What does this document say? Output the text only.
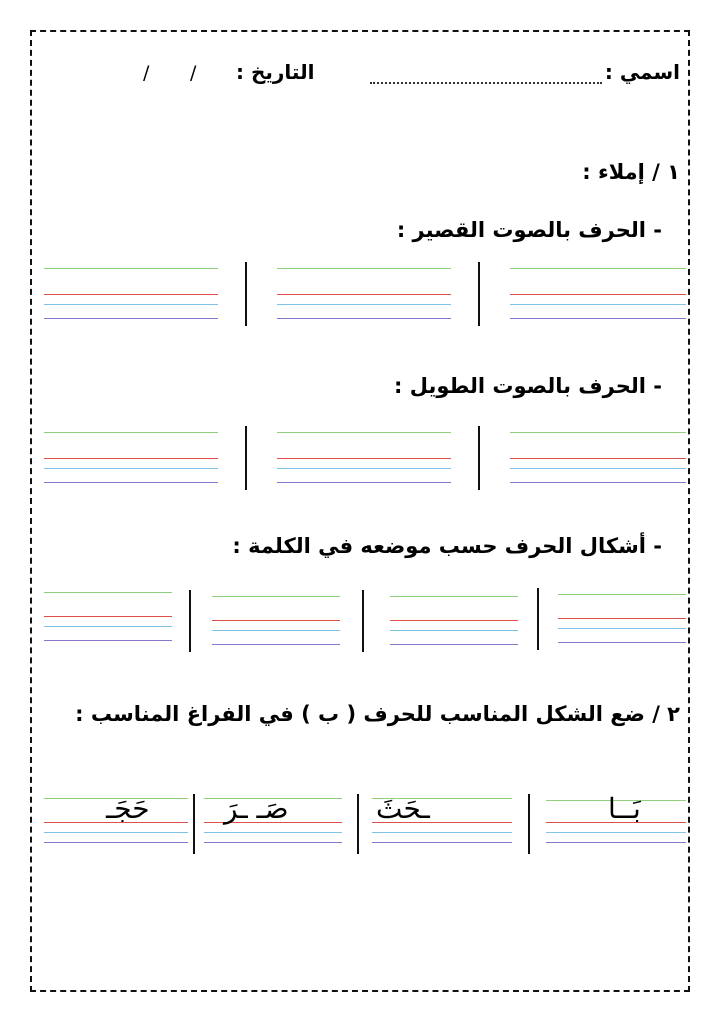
اسمي :
التاريخ :
/
/
١ / إملاء :
- الحرف بالصوت القصير :
- الحرف بالصوت الطويل :
- أشكال الحرف حسب موضعه في الكلمة :
٢ / ضع الشكل المناسب للحرف ( ب ) في الفراغ المناسب :
حَجَـ	صَـ ـرَ	ـحَثَ	بَــا
